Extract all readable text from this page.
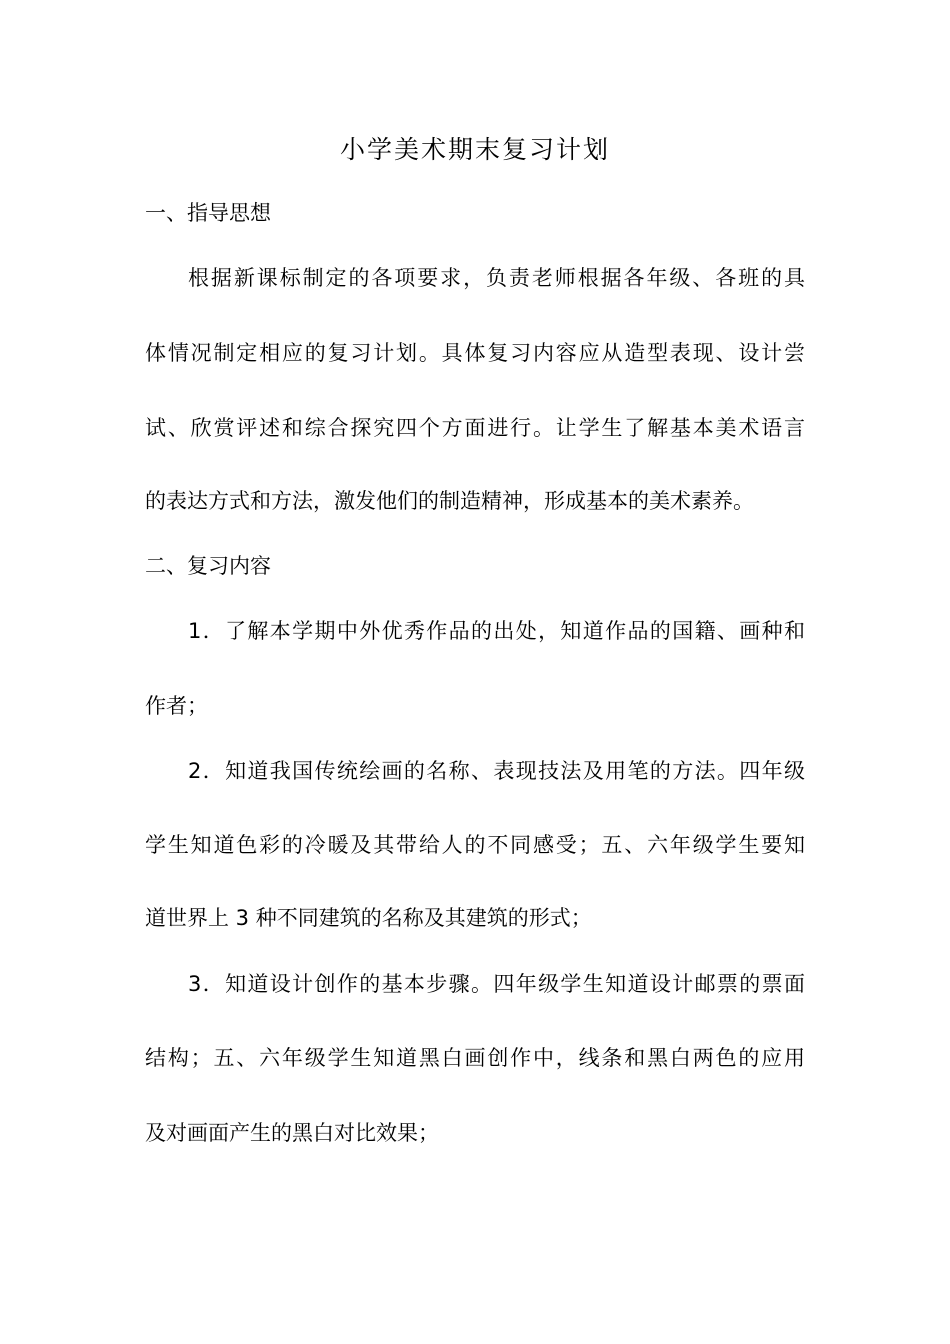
小学美术期末复习计划
一、指导思想
根据新课标制定的各项要求，负责老师根据各年级、各班的具
体情况制定相应的复习计划。具体复习内容应从造型表现、设计尝
试、欣赏评述和综合探究四个方面进行。让学生了解基本美术语言
的表达方式和方法，激发他们的制造精神，形成基本的美术素养。
二、复习内容
1．了解本学期中外优秀作品的出处，知道作品的国籍、画种和
作者；
2．知道我国传统绘画的名称、表现技法及用笔的方法。四年级
学生知道色彩的冷暖及其带给人的不同感受；五、六年级学生要知
道世界上 3 种不同建筑的名称及其建筑的形式；
3．知道设计创作的基本步骤。四年级学生知道设计邮票的票面
结构；五、六年级学生知道黑白画创作中，线条和黑白两色的应用
及对画面产生的黑白对比效果；
